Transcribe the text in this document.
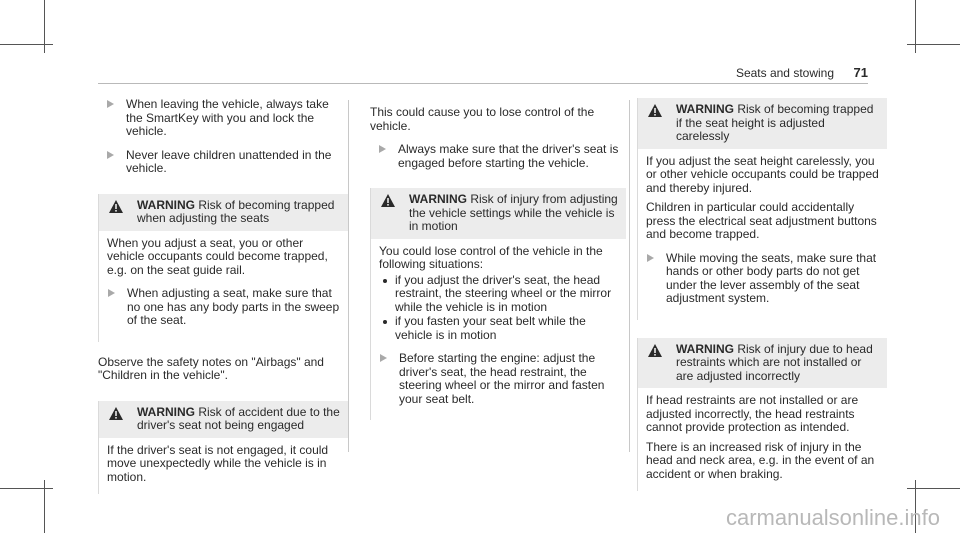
Seats and stowing 71
When leaving the vehicle, always take the SmartKey with you and lock the vehicle.
Never leave children unattended in the vehicle.
WARNING Risk of becoming trapped when adjusting the seats

When you adjust a seat, you or other vehicle occupants could become trapped, e.g. on the seat guide rail.

When adjusting a seat, make sure that no one has any body parts in the sweep of the seat.

Observe the safety notes on "Airbags" and "Children in the vehicle".

WARNING Risk of accident due to the driver's seat not being engaged

If the driver's seat is not engaged, it could move unexpectedly while the vehicle is in motion.

This could cause you to lose control of the vehicle.

Always make sure that the driver's seat is engaged before starting the vehicle.
WARNING Risk of injury from adjusting the vehicle settings while the vehicle is in motion

You could lose control of the vehicle in the following situations:

if you adjust the driver's seat, the head restraint, the steering wheel or the mirror while the vehicle is in motion
if you fasten your seat belt while the vehicle is in motion
Before starting the engine: adjust the driver's seat, the head restraint, the steering wheel or the mirror and fasten your seat belt.
WARNING Risk of becoming trapped if the seat height is adjusted carelessly

If you adjust the seat height carelessly, you or other vehicle occupants could be trapped and thereby injured.

Children in particular could accidentally press the electrical seat adjustment buttons and become trapped.

While moving the seats, make sure that hands or other body parts do not get under the lever assembly of the seat adjustment system.
WARNING Risk of injury due to head restraints which are not installed or are adjusted incorrectly

If head restraints are not installed or are adjusted incorrectly, the head restraints cannot provide protection as intended.

There is an increased risk of injury in the head and neck area, e.g. in the event of an accident or when braking.

carmanualsonline.info
